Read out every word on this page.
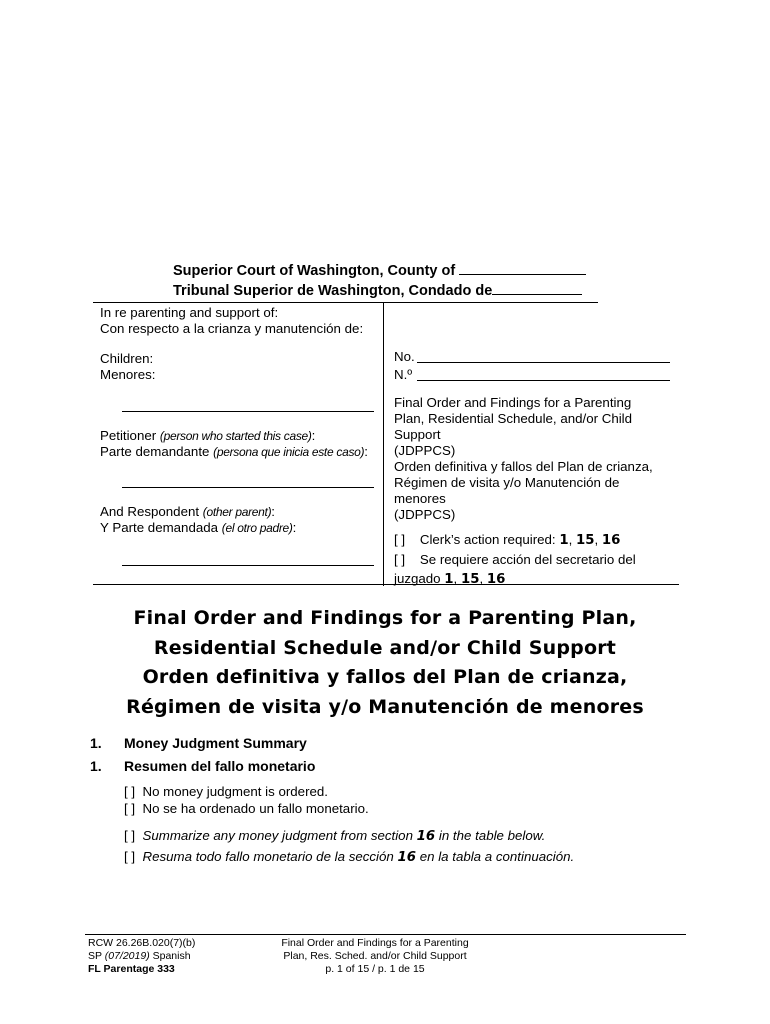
Superior Court of Washington, County of
Tribunal Superior de Washington, Condado de
In re parenting and support of:
Con respecto a la crianza y manutención de:
Children:
Menores:
Petitioner (person who started this case):
Parte demandante (persona que inicia este caso):
And Respondent (other parent):
Y Parte demandada (el otro padre):
No.
N.º
Final Order and Findings for a Parenting
Plan, Residential Schedule, and/or Child
Support
(JDPPCS)
Orden definitiva y fallos del Plan de crianza,
Régimen de visita y/o Manutención de
menores
(JDPPCS)
[ ]    Clerk’s action required: 1, 15, 16
[ ]    Se requiere acción del secretario del
juzgado 1, 15, 16
Final Order and Findings for a Parenting Plan,
Residential Schedule and/or Child Support
Orden definitiva y fallos del Plan de crianza,
Régimen de visita y/o Manutención de menores
1. Money Judgment Summary
1. Resumen del fallo monetario
[ ]  No money judgment is ordered.
[ ]  No se ha ordenado un fallo monetario.
[ ] Summarize any money judgment from section 16 in the table below.
[ ] Resuma todo fallo monetario de la sección 16 en la tabla a continuación.
RCW 26.26B.020(7)(b)
SP (07/2019) Spanish
FL Parentage 333
Final Order and Findings for a Parenting
Plan, Res. Sched. and/or Child Support
p. 1 of 15 / p. 1 de 15
